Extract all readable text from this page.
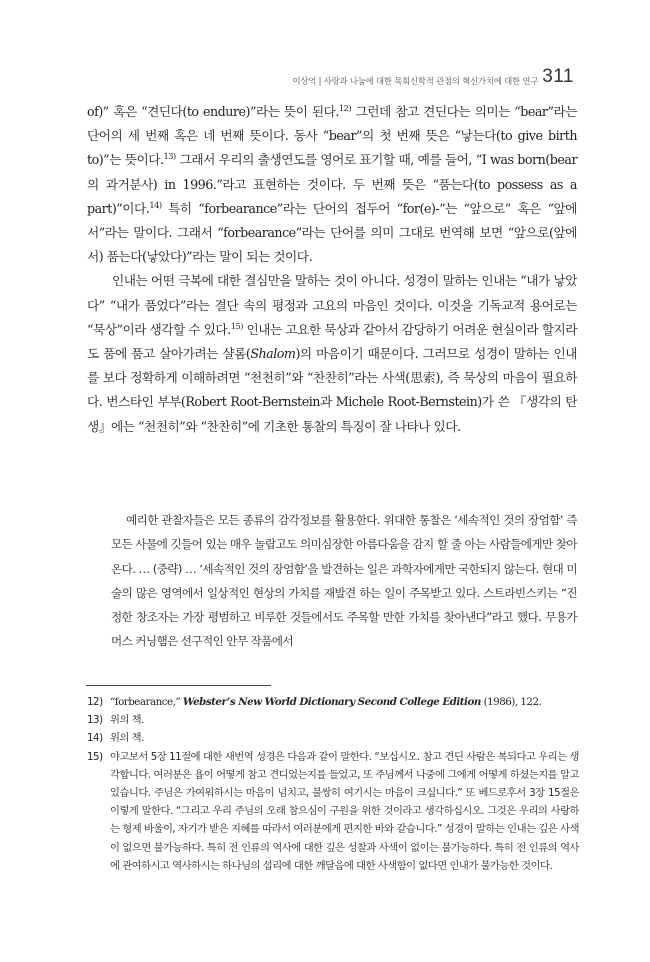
이상억 | 사랑과 나눔에 대한 목회신학적 관점의 혁신가치에 대한 연구 311

of)” 혹은 “견딘다(to endure)”라는 뜻이 된다.$^{12)}$ 그런데 참고 견딘다는 의미는 “bear”라는 단어의 세 번째 혹은 네 번째 뜻이다. 동사 “bear”의 첫 번째 뜻은 “낳는다(to give birth to)”는 뜻이다.$^{13)}$ 그래서 우리의 출생연도를 영어로 표기할 때, 예를 들어, “I was born(bear의 과거분사) in 1996.”라고 표현하는 것이다. 두 번째 뜻은 “품는다(to possess as a part)”이다.$^{14)}$ 특히 “forbearance”라는 단어의 접두어 “for(e)-”는 “앞으로” 혹은 “앞에서”라는 말이다. 그래서 “forbearance”라는 단어를 의미 그대로 번역해 보면 “앞으로(앞에서) 품는다(낳았다)”라는 말이 되는 것이다.

인내는 어떤 극복에 대한 결심만을 말하는 것이 아니다. 성경이 말하는 인내는 “내가 낳았다” “내가 품었다”라는 결단 속의 평정과 고요의 마음인 것이다. 이것을 기독교적 용어로는 “묵상”이라 생각할 수 있다.$^{15)}$ 인내는 고요한 묵상과 같아서 감당하기 어려운 현실이라 할지라도 품에 품고 살아가려는 샬롬(Shalom)의 마음이기 때문이다. 그러므로 성경이 말하는 인내를 보다 정확하게 이해하려면 “천천히”와 “찬찬히”라는 사색(思索), 즉 묵상의 마음이 필요하다. 번스타인 부부(Robert Root-Bernstein과 Michele Root-Bernstein)가 쓴 『생각의 탄생』에는 “천천히”와 “찬찬히”에 기초한 통찰의 특징이 잘 나타나 있다.

예리한 관찰자들은 모든 종류의 감각정보를 활용한다. 위대한 통찰은 ‘세속적인 것의 장엄함’ 즉 모든 사물에 깃들어 있는 매우 놀랍고도 의미심장한 아름다움을 감지 할 줄 아는 사람들에게만 찾아온다. … (중략) … ‘세속적인 것의 장엄함’을 발견하는 일은 과학자에게만 국한되지 않는다. 현대 미술의 많은 영역에서 일상적인 현상의 가치를 재발견 하는 일이 주목받고 있다. 스트라빈스키는 “진정한 창조자는 가장 평범하고 비루한 것들에서도 주목할 만한 가치를 찾아낸다”라고 했다. 무용가 머스 커닝햄은 선구적인 안무 작품에서
12) “forbearance,” Webster’s New World Dictionary Second College Edition (1986), 122.
13) 위의 책.
14) 위의 책.
15) 야고보서 5장 11절에 대한 새번역 성경은 다음과 같이 말한다. “보십시오. 참고 견딘 사람은 복되다고 우리는 생각합니다. 여러분은 욥이 어떻게 참고 견디었는지를 들었고, 또 주님께서 나중에 그에게 어떻게 하셨는지를 알고 있습니다. 주님은 가여워하시는 마음이 넘치고, 불쌍히 여기시는 마음이 크십니다.” 또 베드로후서 3장 15절은 이렇게 말한다. “그리고 우리 주님의 오래 참으심이 구원을 위한 것이라고 생각하십시오. 그것은 우리의 사랑하는 형제 바울이, 자기가 받은 지혜를 따라서 여러분에게 편지한 바와 같습니다.” 성경이 말하는 인내는 깊은 사색이 없으면 불가능하다. 특히 전 인류의 역사에 대한 깊은 성찰과 사색이 없이는 불가능하다. 특히 전 인류의 역사에 관여하시고 역사하시는 하나님의 섭리에 대한 깨달음에 대한 사색함이 없다면 인내가 불가능한 것이다.
